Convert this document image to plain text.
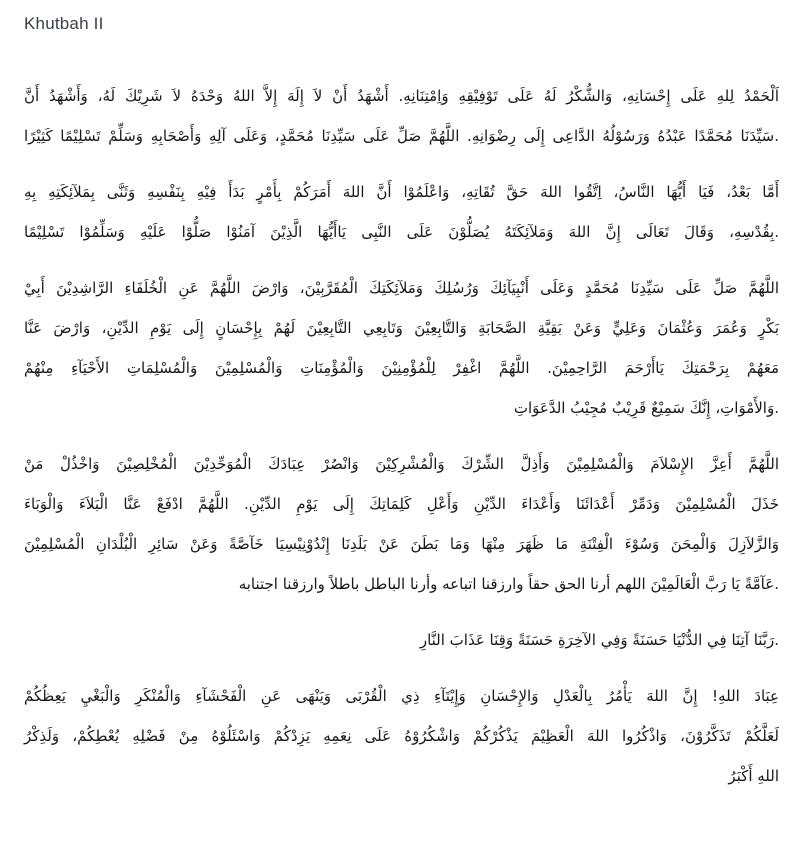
Khutbah II
اَلْحَمْدُ لِلهِ عَلَى إِحْسَانِهِ، وَالشُّكْرُ لَهُ عَلَى تَوْفِيْقِهِ وَاِمْتِنَانِهِ. أَشْهَدُ أَنْ لاَ إِلَهَ إِلاَّ اللهُ وَحْدَهُ لاَ شَرِيْكَ لَهُ، وَأَشْهَدُ أَنَّ
سَيِّدَنَا مُحَمَّدًا عَبْدُهُ وَرَسُوْلُهُ الدَّاعِى إِلَى رِضْوَانِهِ. اللَّهُمَّ صَلِّ عَلَى سَيِّدِنَا مُحَمَّدٍ، وَعَلَى آلِهِ وَأَصْحَابِهِ وَسَلِّمْ تَسْلِيْمًا كَثِيْرًا.
أَمَّا بَعْدُ، فَيَا أَيُّهَا النَّاسُ، اِتَّقُوا اللهَ حَقَّ تُقَاتِهِ، وَاعْلَمُوْا أَنَّ اللهَ أَمَرَكُمْ بِأَمْرٍ بَدَأَ فِيْهِ بِنَفْسِهِ وَثَنَّى بِمَلآئِكَتِهِ بِهِ
بِقُدْسِهِ، وَقَالَ تَعَالَى إِنَّ اللهَ وَمَلآئِكَتَهُ يُصَلُّوْنَ عَلَى النَّبِى يَاأَيُّهَا الَّذِيْنَ آمَنُوْا صَلُّوْا عَلَيْهِ وَسَلِّمُوْا تَسْلِيْمًا.
اللَّهُمَّ صَلِّ عَلَى سَيِّدِنَا مُحَمَّدٍ وَعَلَى أَنْبِيَآئِكَ وَرُسُلِكَ وَمَلآئِكَتِكَ الْمُقَرَّبِيْنَ، وَارْضَ اللَّهُمَّ عَنِ الْخُلَفَاءِ الرَّاشِدِيْنَ أَبِيْ
بَكْرٍ وَعُمَرَ وَعُثْمَانَ وَعَلِيٍّ وَعَنْ بَقِيَّةِ الصَّحَابَةِ وَالتَّابِعِيْنَ وَتَابِعِي التَّابِعِيْنَ لَهُمْ بِإِحْسَانٍ إِلَى يَوْمِ الدِّيْنِ، وَارْضَ عَنَّا
مَعَهُمْ بِرَحْمَتِكَ يَاأَرْحَمَ الرَّاحِمِيْنَ. اللَّهُمَّ اغْفِرْ لِلْمُؤْمِنِيْنَ وَالْمُؤْمِنَاتِ وَالْمُسْلِمِيْنَ وَالْمُسْلِمَاتِ الأَحْيَآءِ مِنْهُمْ
وَالأَمْوَاتِ، إِنَّكَ سَمِيْعٌ قَرِيْبٌ مُجِيْبُ الدَّعَوَاتِ.
اللَّهُمَّ أَعِزَّ الإِسْلاَمَ وَالْمُسْلِمِيْنَ وَأَذِلَّ الشِّرْكَ وَالْمُشْرِكِيْنَ وَانْصُرْ عِبَادَكَ الْمُوَحِّدِيْنَ الْمُخْلِصِيْنَ وَاخْذُلْ مَنْ
خَذَلَ الْمُسْلِمِيْنَ وَدَمِّرْ أَعْدَائَنَا وَأَعْدَاءَ الدِّيْنِ وَأَعْلِ كَلِمَاتِكَ إِلَى يَوْمِ الدِّيْنِ. اللَّهُمَّ ادْفَعْ عَنَّا الْبَلاَءَ وَالْوَبَاءَ
وَالزَّلاَزِلَ وَالْمِحَنَ وَسُوْءَ الْفِتْنَةِ مَا ظَهَرَ مِنْهَا وَمَا بَطَنَ عَنْ بَلَدِنَا إِنْدُوْنِيْسِيَا خَآصَّةً وَعَنْ سَائِرِ الْبُلْدَانِ الْمُسْلِمِيْنَ
عَآمَّةً يَا رَبَّ الْعَالَمِيْنَ اللهم أرنا الحق حقاً وارزقنا اتباعه وأرنا الباطل باطلاً وارزقنا اجتنابه.
رَبَّنَا آتِنَا فِي الدُّنْيَا حَسَنَةً وَفِي الآخِرَةِ حَسَنَةً وَقِنَا عَذَابَ النَّارِ.
عِبَادَ اللهِ! إِنَّ اللهَ يَأْمُرُ بِالْعَدْلِ وَالإِحْسَانِ وَإِيْتَآءِ ذِي الْقُرْبَى وَيَنْهَى عَنِ الْفَحْشَآءِ وَالْمُنْكَرِ وَالْبَغْيِ يَعِظُكُمْ
لَعَلَّكُمْ تَذَكَّرُوْنَ، وَاذْكُرُوا اللهَ الْعَظِيْمَ يَذْكُرْكُمْ وَاشْكُرُوْهُ عَلَى نِعَمِهِ يَزِدْكُمْ وَاسْئَلُوْهُ مِنْ فَضْلِهِ يُعْطِكُمْ، وَلَذِكْرُ
اللهِ أَكْبَرُ
